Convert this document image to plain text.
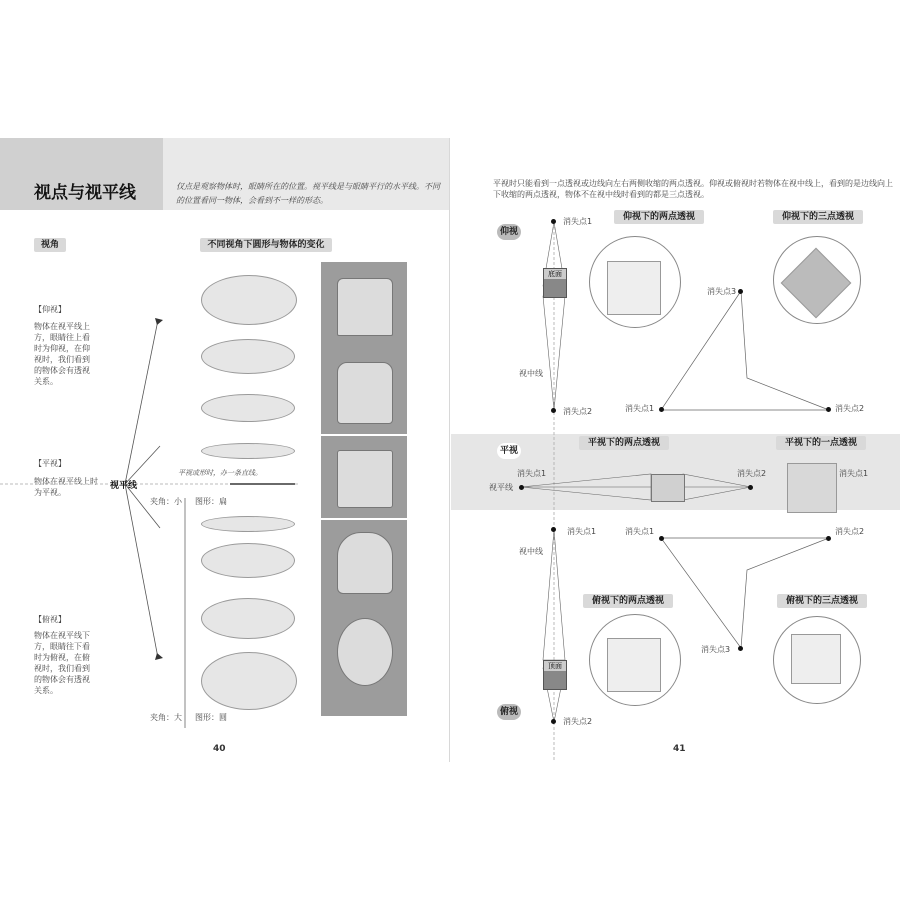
视点与视平线	仅点是观察物体时，眼睛所在的位置。视平线是与眼睛平行的水平线。不同的位置看同一物体，会看到不一样的形态。
视角	不同视角下圆形与物体的变化
【仰视】
物体在视平线上方，眼睛往上看时为仰视，在仰视时，我们看到的物体会有透视关系。
【平视】
物体在视平线上时为平视。
【俯视】
物体在视平线下方，眼睛往下看时为俯视，在俯视时，我们看到的物体会有透视关系。
视平线
平视或形时，办一条直线。
夹角：小 图形：扁
夹角：大 图形：圆
40
平视时只能看到一点透视或边线向左右两侧收缩的两点透视。仰视或俯视时若物体在视中线上，看到的是边线向上下收缩的两点透视，物体不在视中线时看到的都是三点透视。
仰视
平视
俯视
仰视下的两点透视	仰视下的三点透视
平视下的两点透视	平视下的一点透视
俯视下的两点透视	俯视下的三点透视
消失点1
消失点2
消失点3
消失点1	消失点2
消失点1	消失点2	消失点1
消失点1
消失点2
消失点1	消失点2
消失点3
视中线
视平线
视中线
底面
顶面
41
